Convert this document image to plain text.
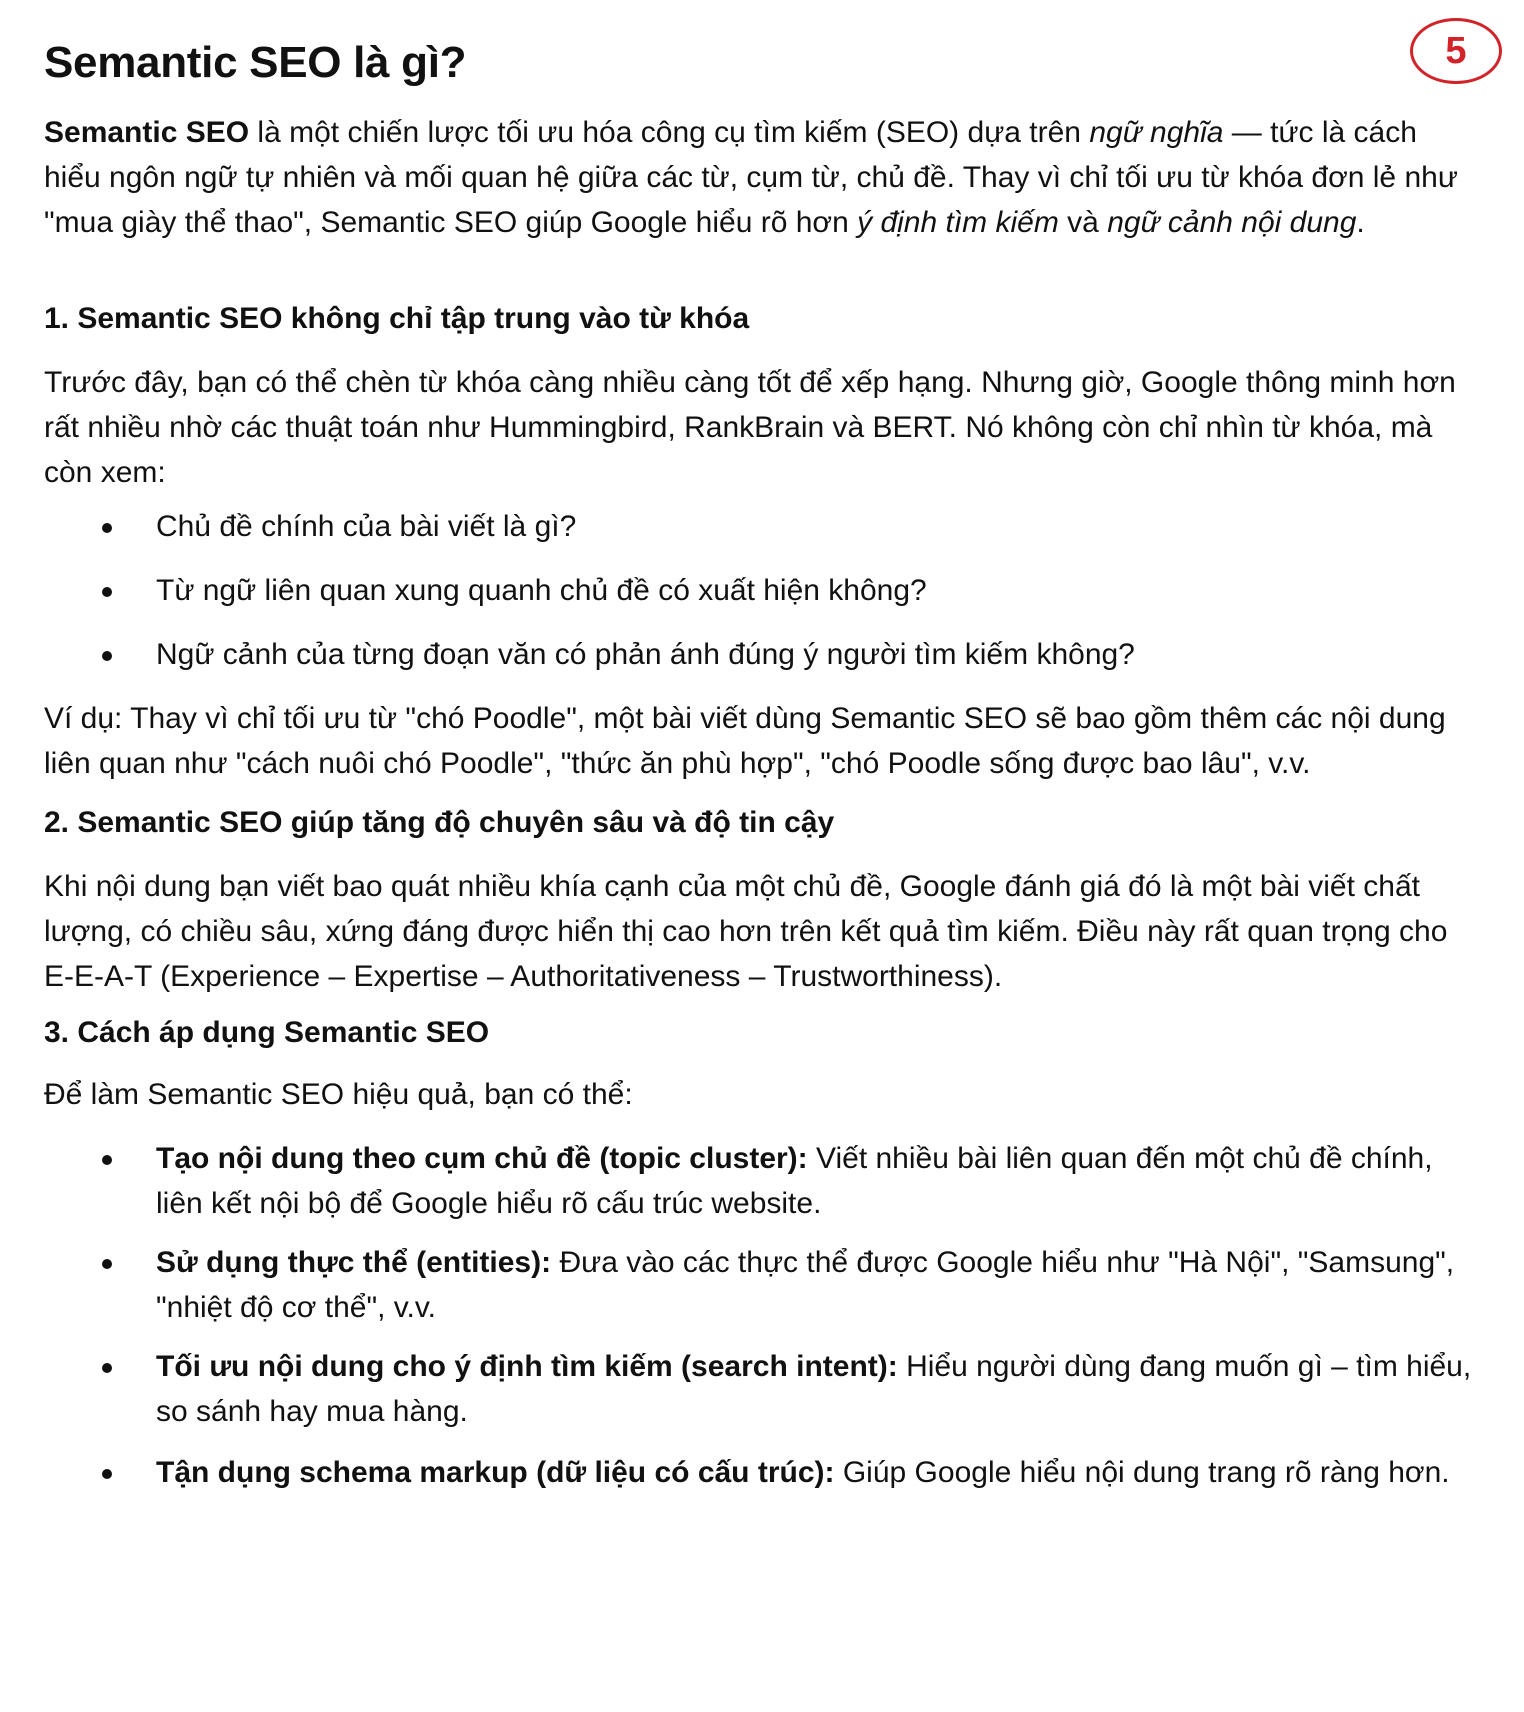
Semantic SEO là gì?	5

Semantic SEO là một chiến lược tối ưu hóa công cụ tìm kiếm (SEO) dựa trên ngữ nghĩa — tức là cách hiểu ngôn ngữ tự nhiên và mối quan hệ giữa các từ, cụm từ, chủ đề. Thay vì chỉ tối ưu từ khóa đơn lẻ như "mua giày thể thao", Semantic SEO giúp Google hiểu rõ hơn ý định tìm kiếm và ngữ cảnh nội dung.

1. Semantic SEO không chỉ tập trung vào từ khóa

Trước đây, bạn có thể chèn từ khóa càng nhiều càng tốt để xếp hạng. Nhưng giờ, Google thông minh hơn rất nhiều nhờ các thuật toán như Hummingbird, RankBrain và BERT. Nó không còn chỉ nhìn từ khóa, mà còn xem:

Chủ đề chính của bài viết là gì?
Từ ngữ liên quan xung quanh chủ đề có xuất hiện không?
Ngữ cảnh của từng đoạn văn có phản ánh đúng ý người tìm kiếm không?

Ví dụ: Thay vì chỉ tối ưu từ "chó Poodle", một bài viết dùng Semantic SEO sẽ bao gồm thêm các nội dung liên quan như "cách nuôi chó Poodle", "thức ăn phù hợp", "chó Poodle sống được bao lâu", v.v.

2. Semantic SEO giúp tăng độ chuyên sâu và độ tin cậy

Khi nội dung bạn viết bao quát nhiều khía cạnh của một chủ đề, Google đánh giá đó là một bài viết chất lượng, có chiều sâu, xứng đáng được hiển thị cao hơn trên kết quả tìm kiếm. Điều này rất quan trọng cho E-E-A-T (Experience – Expertise – Authoritativeness – Trustworthiness).

3. Cách áp dụng Semantic SEO

Để làm Semantic SEO hiệu quả, bạn có thể:

Tạo nội dung theo cụm chủ đề (topic cluster): Viết nhiều bài liên quan đến một chủ đề chính, liên kết nội bộ để Google hiểu rõ cấu trúc website.
Sử dụng thực thể (entities): Đưa vào các thực thể được Google hiểu như "Hà Nội", "Samsung", "nhiệt độ cơ thể", v.v.
Tối ưu nội dung cho ý định tìm kiếm (search intent): Hiểu người dùng đang muốn gì – tìm hiểu, so sánh hay mua hàng.
Tận dụng schema markup (dữ liệu có cấu trúc): Giúp Google hiểu nội dung trang rõ ràng hơn.
